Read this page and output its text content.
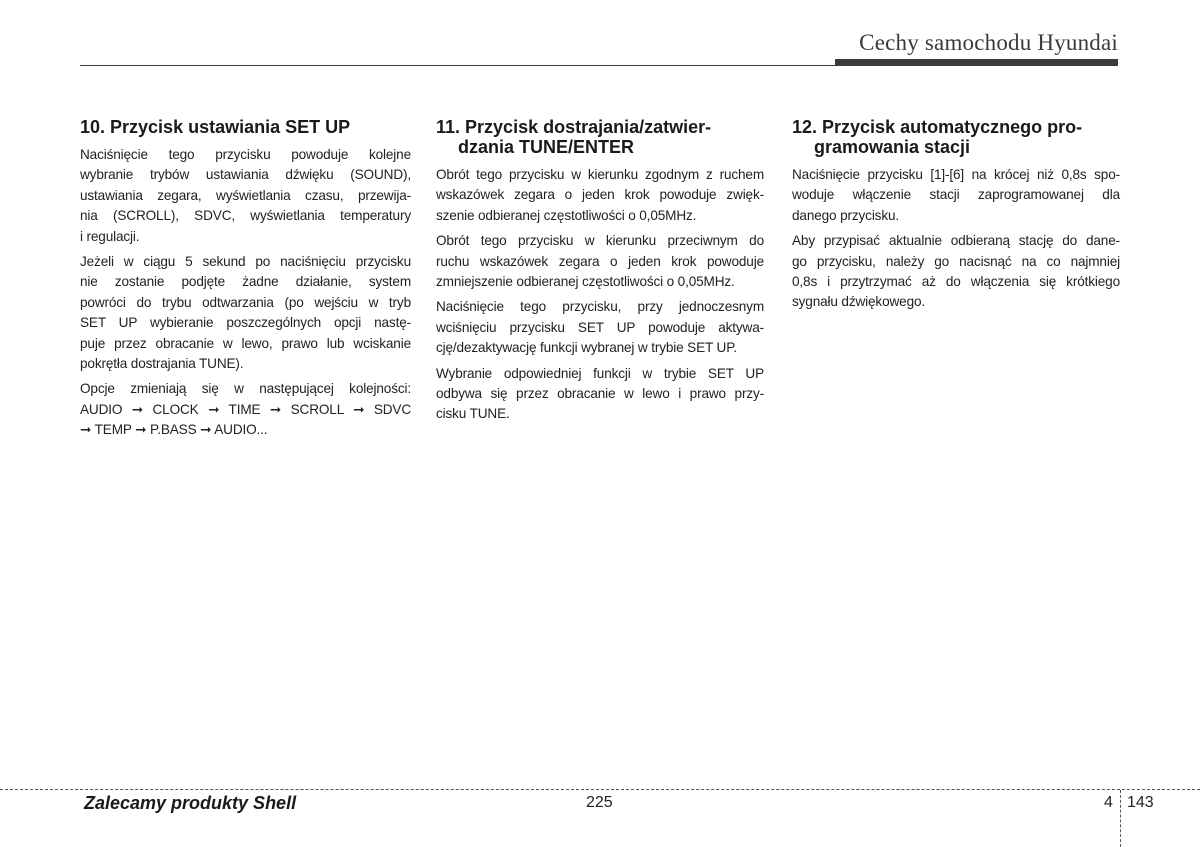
Cechy samochodu Hyundai
10. Przycisk ustawiania SET UP

Naciśnięcie tego przycisku powoduje kolejne
wybranie trybów ustawiania dźwięku (SOUND),
ustawiania zegara, wyświetlania czasu, przewija-
nia (SCROLL), SDVC, wyświetlania temperatury
i regulacji.

Jeżeli w ciągu 5 sekund po naciśnięciu przycisku
nie zostanie podjęte żadne działanie, system
powróci do trybu odtwarzania (po wejściu w tryb
SET UP wybieranie poszczególnych opcji nastę-
puje przez obracanie w lewo, prawo lub wciskanie
pokrętła dostrajania TUNE).

Opcje zmieniają się w następującej kolejności:
AUDIO ➞ CLOCK ➞ TIME ➞ SCROLL ➞ SDVC
➞ TEMP ➞ P.BASS ➞ AUDIO...

11. Przycisk dostrajania/zatwier-
dzania TUNE/ENTER

Obrót tego przycisku w kierunku zgodnym z ruchem
wskazówek zegara o jeden krok powoduje zwięk-
szenie odbieranej częstotliwości o 0,05MHz.

Obrót tego przycisku w kierunku przeciwnym do
ruchu wskazówek zegara o jeden krok powoduje
zmniejszenie odbieranej częstotliwości o 0,05MHz.

Naciśnięcie tego przycisku, przy jednoczesnym
wciśnięciu przycisku SET UP powoduje aktywa-
cję/dezaktywację funkcji wybranej w trybie SET UP.

Wybranie odpowiedniej funkcji w trybie SET UP
odbywa się przez obracanie w lewo i prawo przy-
cisku TUNE.

12. Przycisk automatycznego pro-
gramowania stacji

Naciśnięcie przycisku [1]-[6] na krócej niż 0,8s spo-
woduje włączenie stacji zaprogramowanej dla
danego przycisku.

Aby przypisać aktualnie odbieraną stację do dane-
go przycisku, należy go nacisnąć na co najmniej
0,8s i przytrzymać aż do włączenia się krótkiego
sygnału dźwiękowego.

Zalecamy produkty Shell	225	4 143
